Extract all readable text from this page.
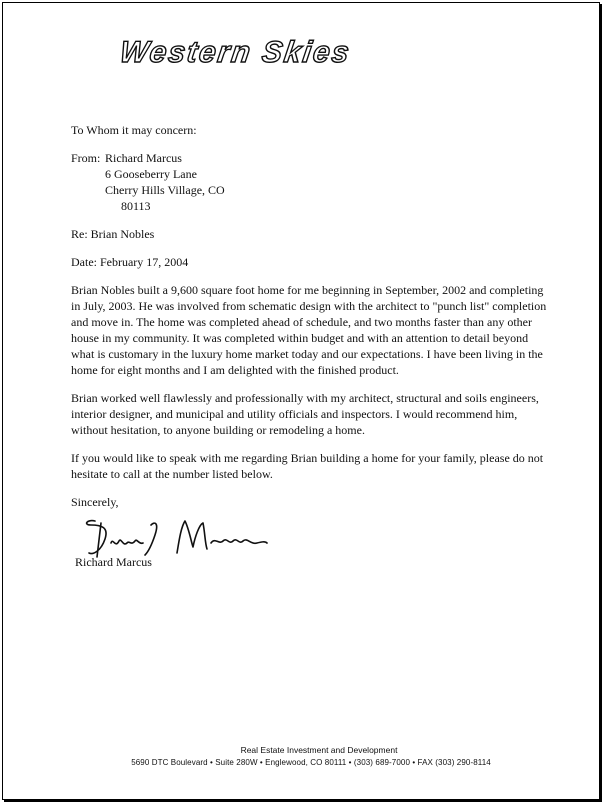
Western Skies

To Whom it may concern:

From: Richard Marcus
6 Gooseberry Lane
Cherry Hills Village, CO
80113

Re: Brian Nobles

Date: February 17, 2004

Brian Nobles built a 9,600 square foot home for me beginning in September, 2002 and completing in July, 2003. He was involved from schematic design with the architect to "punch list" completion and move in. The home was completed ahead of schedule, and two months faster than any other house in my community. It was completed within budget and with an attention to detail beyond what is customary in the luxury home market today and our expectations. I have been living in the home for eight months and I am delighted with the finished product.

Brian worked well flawlessly and professionally with my architect, structural and soils engineers, interior designer, and municipal and utility officials and inspectors. I would recommend him, without hesitation, to anyone building or remodeling a home.

If you would like to speak with me regarding Brian building a home for your family, please do not hesitate to call at the number listed below.

Sincerely,

Richard Marcus
Real Estate Investment and Development
5690 DTC Boulevard • Suite 280W • Englewood, CO 80111 • (303) 689-7000 • FAX (303) 290-8114
